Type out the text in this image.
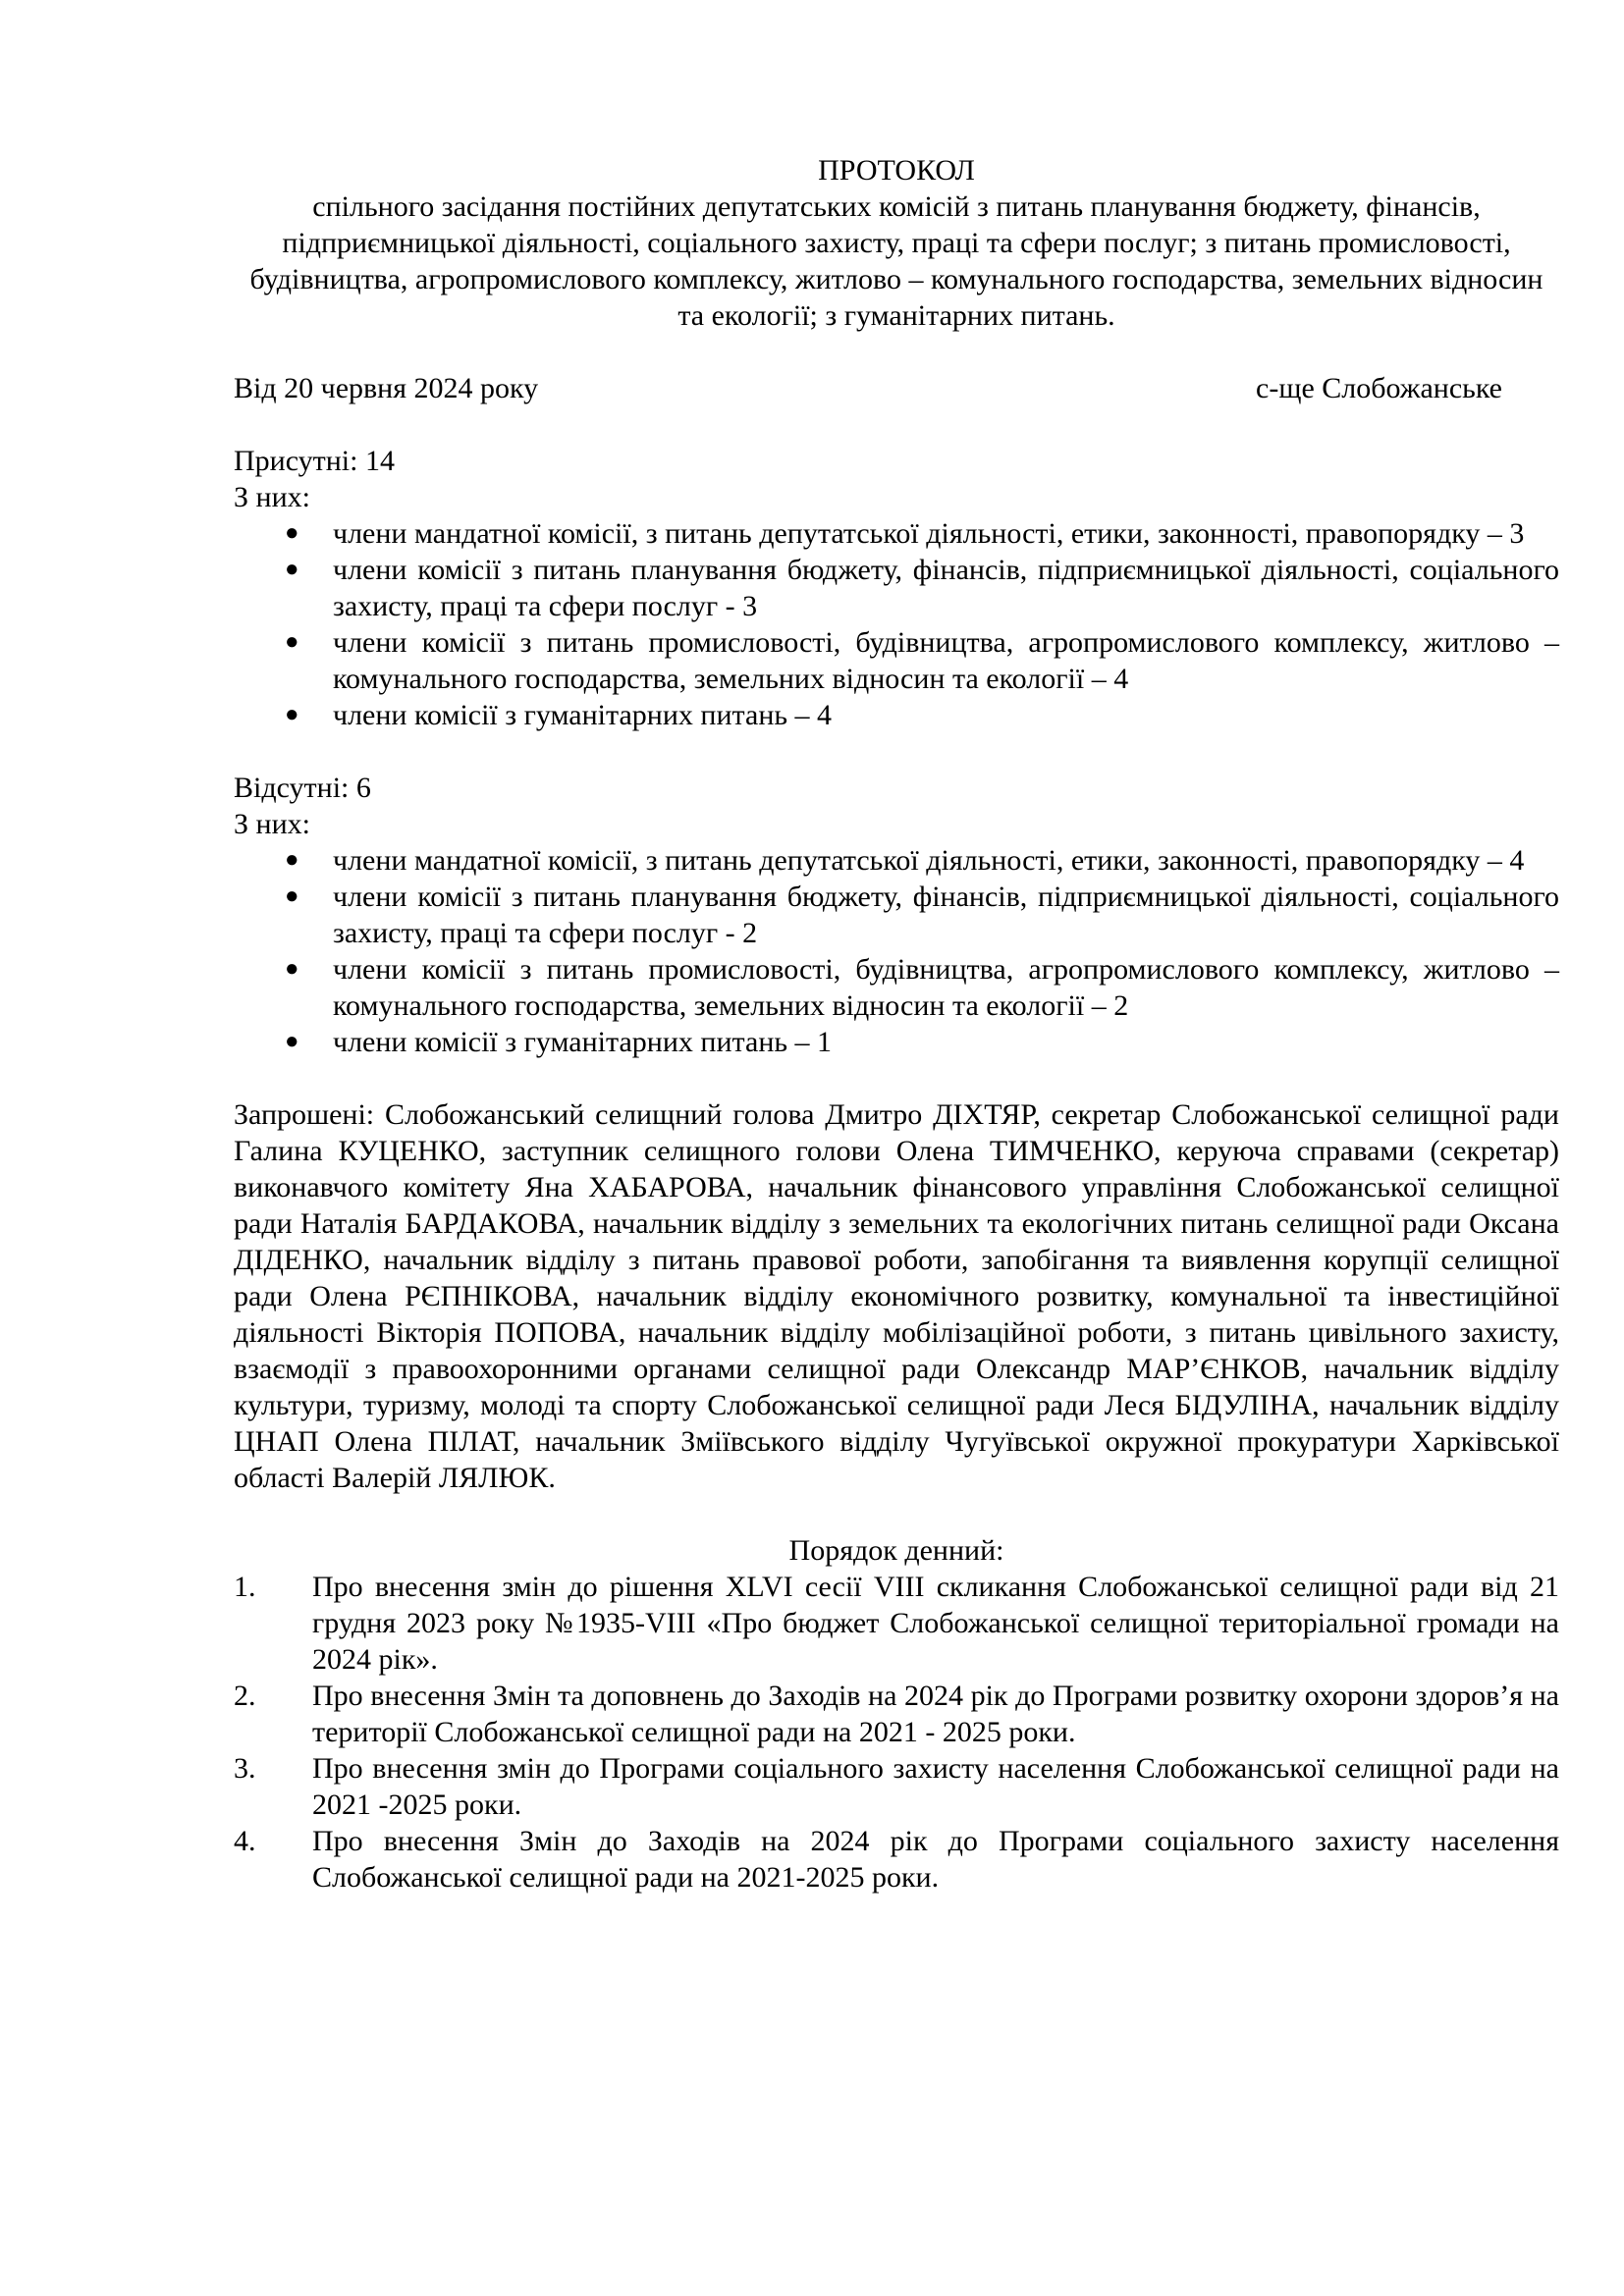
ПРОТОКОЛ
спільного засідання постійних депутатських комісій з питань планування бюджету, фінансів, підприємницької діяльності, соціального захисту, праці та сфери послуг; з питань промисловості, будівництва, агропромислового комплексу, житлово – комунального господарства, земельних відносин та екології; з гуманітарних питань.
Від 20 червня 2024 року	с-ще Слобожанське

Присутні: 14

З них:

● члени мандатної комісії, з питань депутатської діяльності, етики, законності, правопорядку – 3
● члени комісії з питань планування бюджету, фінансів, підприємницької діяльності, соціального захисту, праці та сфери послуг - 3
● члени комісії з питань промисловості, будівництва, агропромислового комплексу, житлово – комунального господарства, земельних відносин та екології – 4
● члени комісії з гуманітарних питань – 4

Відсутні: 6

З них:

● члени мандатної комісії, з питань депутатської діяльності, етики, законності, правопорядку – 4
● члени комісії з питань планування бюджету, фінансів, підприємницької діяльності, соціального захисту, праці та сфери послуг - 2
● члени комісії з питань промисловості, будівництва, агропромислового комплексу, житлово – комунального господарства, земельних відносин та екології – 2
● члени комісії з гуманітарних питань – 1

Запрошені: Слобожанський селищний голова Дмитро ДІХТЯР, секретар Слобожанської селищної ради Галина КУЦЕНКО, заступник селищного голови Олена ТИМЧЕНКО, керуюча справами (секретар) виконавчого комітету Яна ХАБАРОВА, начальник фінансового управління Слобожанської селищної ради Наталія БАРДАКОВА, начальник відділу з земельних та екологічних питань селищної ради Оксана ДІДЕНКО, начальник відділу з питань правової роботи, запобігання та виявлення корупції селищної ради Олена РЄПНІКОВА, начальник відділу економічного розвитку, комунальної та інвестиційної діяльності Вікторія ПОПОВА, начальник відділу мобілізаційної роботи, з питань цивільного захисту, взаємодії з правоохоронними органами селищної ради Олександр МАР’ЄНКОВ, начальник відділу культури, туризму, молоді та спорту Слобожанської селищної ради Леся БІДУЛІНА, начальник відділу ЦНАП Олена ПІЛАТ, начальник Зміївського відділу Чугуївської окружної прокуратури Харківської області Валерій ЛЯЛЮК.

Порядок денний:
1. Про внесення змін до рішення XLVI сесії VIII скликання Слобожанської селищної ради від 21 грудня 2023 року №1935-VIII «Про бюджет Слобожанської селищної територіальної громади на 2024 рік».
2. Про внесення Змін та доповнень до Заходів на 2024 рік до Програми розвитку охорони здоров’я на території Слобожанської селищної ради на 2021 - 2025 роки.
3. Про внесення змін до Програми соціального захисту населення Слобожанської селищної ради на 2021 -2025 роки.
4. Про внесення Змін до Заходів на 2024 рік до Програми соціального захисту населення Слобожанської селищної ради на 2021-2025 роки.
